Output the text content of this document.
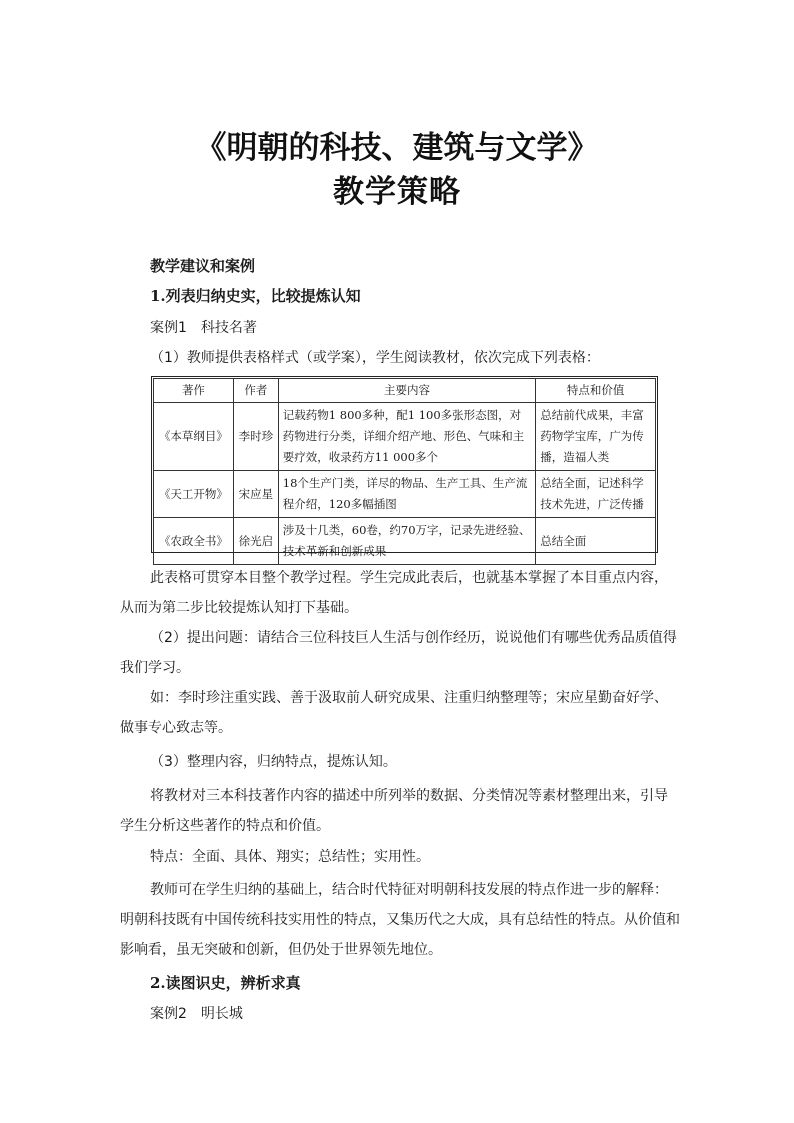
《明朝的科技、建筑与文学》
教学策略
教学建议和案例
1.列表归纳史实，比较提炼认知
案例1　科技名著
（1）教师提供表格样式（或学案），学生阅读教材，依次完成下列表格：
著作	作者	主要内容	特点和价值
《本草纲目》	李时珍	记载药物1 800多种，配1 100多张形态图，对药物进行分类，详细介绍产地、形色、气味和主要疗效，收录药方11 000多个	总结前代成果，丰富药物学宝库，广为传播，造福人类
《天工开物》	宋应星	18个生产门类，详尽的物品、生产工具、生产流程介绍，120多幅插图	总结全面，记述科学技术先进，广泛传播
《农政全书》	徐光启	涉及十几类，60卷，约70万字，记录先进经验、技术革新和创新成果	总结全面
此表格可贯穿本目整个教学过程。学生完成此表后，也就基本掌握了本目重点内容，
从而为第二步比较提炼认知打下基础。
（2）提出问题：请结合三位科技巨人生活与创作经历，说说他们有哪些优秀品质值得
我们学习。
如：李时珍注重实践、善于汲取前人研究成果、注重归纳整理等；宋应星勤奋好学、
做事专心致志等。
（3）整理内容，归纳特点，提炼认知。
将教材对三本科技著作内容的描述中所列举的数据、分类情况等素材整理出来，引导
学生分析这些著作的特点和价值。
特点：全面、具体、翔实；总结性；实用性。
教师可在学生归纳的基础上，结合时代特征对明朝科技发展的特点作进一步的解释：
明朝科技既有中国传统科技实用性的特点，又集历代之大成，具有总结性的特点。从价值和
影响看，虽无突破和创新，但仍处于世界领先地位。
2.读图识史，辨析求真
案例2　明长城
